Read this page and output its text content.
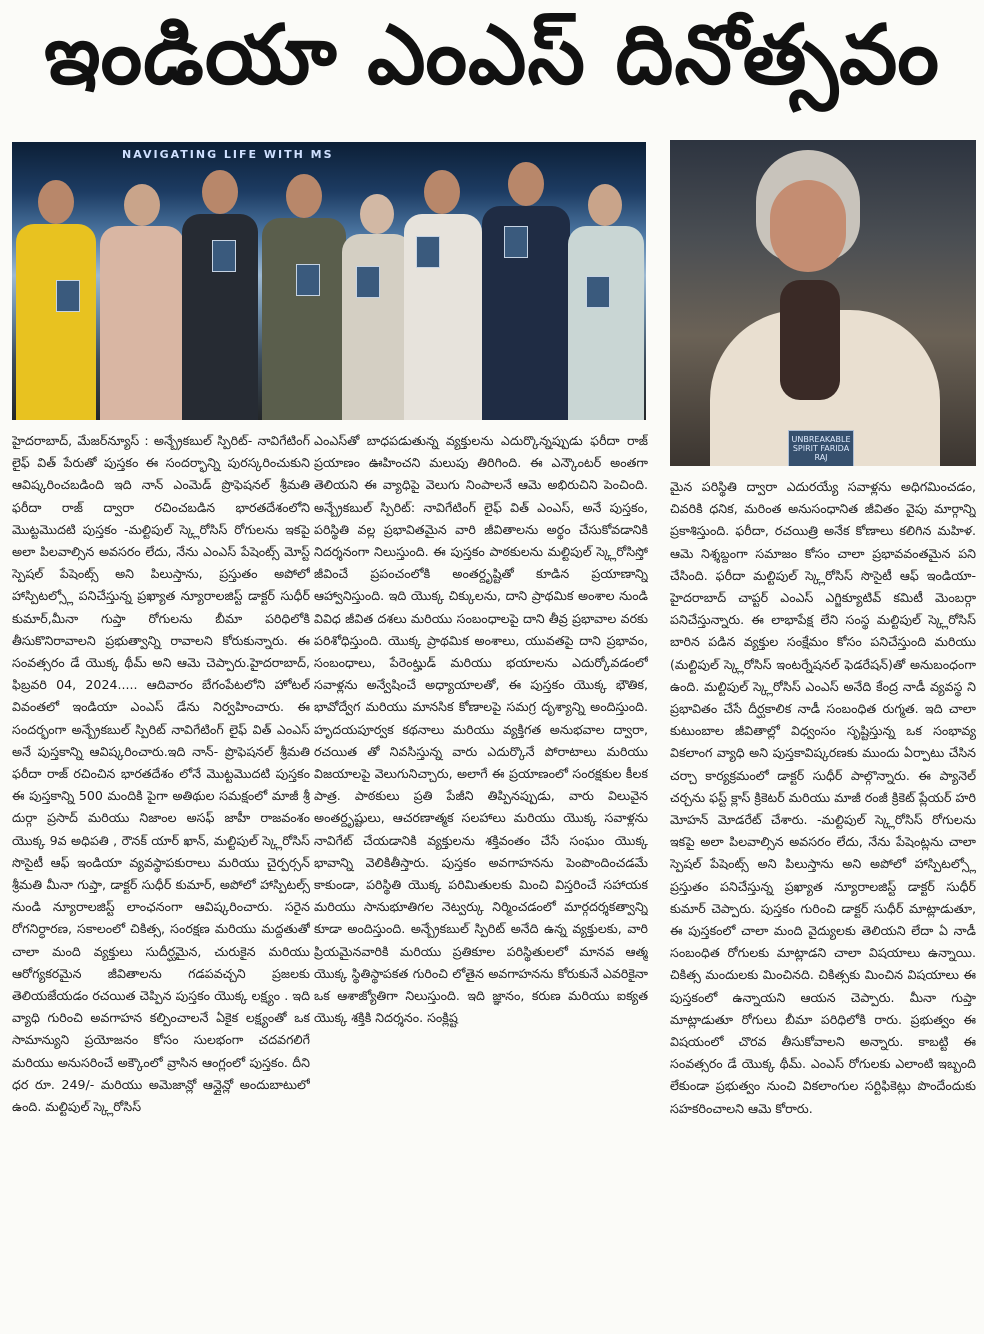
ఇండియా ఎంఎస్ దినోత్సవం
NAVIGATING LIFE WITH MS
UNBREAKABLE SPIRIT FARIDA RAJ

హైదరాబాద్, మేజర్‌న్యూస్ : అన్బ్రేకబుల్ స్పిరిట్- నావిగేటింగ్ లైఫ్ విత్ పేరుతో పుస్తకం ఈ సందర్భాన్ని పురస్కరించుకుని ఆవిష్కరించబడింది ఇది నాన్ ఎంమెడ్ ప్రొఫెషనల్ శ్రీమతి ఫరీదా రాజ్ ద్వారా రచించబడిన భారతదేశంలోని మొట్టమొదటి పుస్తకం -మల్టిపుల్ స్క్లెరోసిస్ రోగులను ఇకపై అలా పిలవాల్సిన అవసరం లేదు, నేను ఎంఎస్ పేషెంట్స్ మోస్ట్ స్పెషల్ పేషెంట్స్ అని పిలుస్తాను, ప్రస్తుతం అపోలో హాస్పిటల్స్లో పనిచేస్తున్న ప్రఖ్యాత న్యూరాలజిస్ట్ డాక్టర్ సుధీర్ కుమార్,మీనా గుప్తా రోగులను బీమా పరిధిలోకి తీసుకొనిరావాలని ప్రభుత్వాన్ని రావాలని కోరుకున్నారు. ఈ సంవత్సరం డే యొక్క థీమ్ అని ఆమె చెప్పారు.హైదరాబాద్, ఫిబ్రవరి 04, 2024..... ఆదివారం బేగంపేటలోని హోటల్ వివంతలో ఇండియా ఎంఎస్ డేను నిర్వహించారు. ఈ సందర్భంగా అన్బ్రేకబుల్ స్పిరిట్ నావిగేటింగ్ లైఫ్ విత్ ఎంఎస్ అనే పుస్తకాన్ని ఆవిష్కరించారు.ఇది నాన్- ప్రొఫెషనల్ శ్రీమతి ఫరీదా రాజ్ రచించిన భారతదేశం లోనే మొట్టమొదటి పుస్తకం ఈ పుస్తకాన్ని 500 మందికి పైగా అతిథుల సమక్షంలో మాజీ శ్రీ దుర్గా ప్రసాద్ మరియు నిజాంల అసఫ్ జాహీ రాజవంశం యొక్క 9వ అధిపతి , రౌనక్ యార్ ఖాన్, మల్టిపుల్ స్క్లెరోసిస్ సొసైటీ ఆఫ్ ఇండియా వ్యవస్థాపకురాలు మరియు చైర్పర్సన్ శ్రీమతి మీనా గుప్తా, డాక్టర్ సుధీర్ కుమార్, అపోలో హాస్పిటల్స్ నుండి న్యూరాలజిస్ట్ లాంఛనంగా ఆవిష్కరించారు. సరైన రోగనిర్ధారణ, సకాలంలో చికిత్స, సంరక్షణ మరియు మద్దతుతో చాలా మంది వ్యక్తులు సుదీర్ఘమైన, చురుకైన మరియు ఆరోగ్యకరమైన జీవితాలను గడపవచ్చని ప్రజలకు తెలియజేయడం రచయిత చెప్పిన పుస్తకం యొక్క లక్ష్యం . ఇది వ్యాధి గురించి అవగాహన కల్పించాలనే ఏకైక లక్ష్యంతో ఒక సామాన్యుని ప్రయోజనం కోసం సులభంగా చదవగలిగే మరియు అనుసరించే అక్కౌంలో వ్రాసిన ఆంగ్లంలో పుస్తకం. దీని ధర రూ. 249/- మరియు అమెజాన్లో ఆన్లైన్లో అందుబాటులో ఉంది. మల్టిపుల్ స్క్లెరోసిస్

ఎంఎస్‌తో బాధపడుతున్న వ్యక్తులను ఎదుర్కొన్నప్పుడు ఫరీదా రాజ్ ప్రయాణం ఊహించని మలుపు తిరిగింది. ఈ ఎన్కౌంటర్ అంతగా తెలియని ఈ వ్యాధిపై వెలుగు నింపాలనే ఆమె అభిరుచిని పెంచింది. అన్బ్రేకబుల్ స్పిరిట్: నావిగేటింగ్ లైఫ్ విత్ ఎంఎస్, అనే పుస్తకం, పరిస్థితి వల్ల ప్రభావితమైన వారి జీవితాలను అర్థం చేసుకోవడానికి నిదర్శనంగా నిలుస్తుంది. ఈ పుస్తకం పాఠకులను మల్టిపుల్ స్క్లెరోసిస్తో జీవించే ప్రపంచంలోకి అంతర్దృష్టితో కూడిన ప్రయాణాన్ని ఆహ్వానిస్తుంది. ఇది యొక్క చిక్కులను, దాని ప్రాథమిక అంశాల నుండి వివిధ జీవిత దశలు మరియు సంబంధాలపై దాని తీవ్ర ప్రభావాల వరకు పరిశోధిస్తుంది. యొక్క ప్రాథమిక అంశాలు, యువతపై దాని ప్రభావం, సంబంధాలు, పేరెంట్హుడ్ మరియు భయాలను ఎదుర్కోవడంలో సవాళ్లను అన్వేషించే అధ్యాయాలతో, ఈ పుస్తకం యొక్క భౌతిక, భావోద్వేగ మరియు మానసిక కోణాలపై సమగ్ర దృశ్యాన్ని అందిస్తుంది. హృదయపూర్వక కథనాలు మరియు వ్యక్తిగత అనుభవాల ద్వారా, రచయిత తో నివసిస్తున్న వారు ఎదుర్కొనే పోరాటాలు మరియు విజయాలపై వెలుగునిచ్చారు, అలాగే ఈ ప్రయాణంలో సంరక్షకుల కీలక పాత్ర. పాఠకులు ప్రతి పేజీని తిప్పినప్పుడు, వారు విలువైన అంతర్దృష్టులు, ఆచరణాత్మక సలహాలు మరియు యొక్క సవాళ్లను నావిగేట్ చేయడానికి వ్యక్తులను శక్తివంతం చేసే సంఘం యొక్క భావాన్ని వెలికితీస్తారు. పుస్తకం అవగాహనను పెంపొందించడమే కాకుండా, పరిస్థితి యొక్క పరిమితులకు మించి విస్తరించే సహాయక మరియు సానుభూతిగల నెట్వర్కు నిర్మించడంలో మార్గదర్శకత్వాన్ని కూడా అందిస్తుంది. అన్బ్రేకబుల్ స్పిరిట్ అనేది ఉన్న వ్యక్తులకు, వారి ప్రియమైనవారికి మరియు ప్రతికూల పరిస్థితులలో మానవ ఆత్మ యొక్క స్థితిస్థాపకత గురించి లోతైన అవగాహనను కోరుకునే ఎవరికైనా ఒక ఆశాజ్యోతిగా నిలుస్తుంది. ఇది జ్ఞానం, కరుణ మరియు ఐక్యత యొక్క శక్తికి నిదర్శనం. సంక్లిష్ట

మైన పరిస్థితి ద్వారా ఎదురయ్యే సవాళ్లను అధిగమించడం, చివరికి ధనిక, మరింత అనుసంధానిత జీవితం వైపు మార్గాన్ని ప్రకాశిస్తుంది. ఫరీదా, రచయిత్రి అనేక కోణాలు కలిగిన మహిళ. ఆమె నిశ్శబ్దంగా సమాజం కోసం చాలా ప్రభావవంతమైన పని చేసింది. ఫరీదా మల్టిపుల్ స్క్లెరోసిస్ సొసైటీ ఆఫ్ ఇండియా-హైదరాబాద్ చాప్టర్ ఎంఎస్ ఎగ్జిక్యూటివ్ కమిటీ మెంబర్గా పనిచేస్తున్నారు. ఈ లాభాపేక్ష లేని సంస్థ మల్టిపుల్ స్క్లెరోసిస్ బారిన పడిన వ్యక్తుల సంక్షేమం కోసం పనిచేస్తుంది మరియు (మల్టిపుల్ స్క్లెరోసిస్ ఇంటర్నేషనల్ ఫెడరేషన్)తో అనుబంధంగా ఉంది. మల్టిపుల్ స్క్లెరోసిస్ ఎంఎస్ అనేది కేంద్ర నాడీ వ్యవస్థ ని ప్రభావితం చేసే దీర్ఘకాలిక నాడీ సంబంధిత రుగ్మత. ఇది చాలా కుటుంబాల జీవితాల్లో విధ్వంసం సృష్టిస్తున్న ఒక సంభావ్య వికలాంగ వ్యాధి అని పుస్తకావిష్కరణకు ముందు ఏర్పాటు చేసిన చర్చా కార్యక్రమంలో డాక్టర్ సుధీర్ పాల్గొన్నారు. ఈ ప్యానెల్ చర్చను ఫస్ట్ క్లాస్ క్రికెటర్ మరియు మాజీ రంజీ క్రికెట్ ప్లేయర్ హరి మోహన్ మోడరేట్ చేశారు. -మల్టిపుల్ స్క్లెరోసిస్ రోగులను ఇకపై అలా పిలవాల్సిన అవసరం లేదు, నేను పేషెంట్లను చాలా స్పెషల్ పేషెంట్స్ అని పిలుస్తాను అని అపోలో హాస్పిటల్స్లో ప్రస్తుతం పనిచేస్తున్న ప్రఖ్యాత న్యూరాలజిస్ట్ డాక్టర్ సుధీర్ కుమార్ చెప్పారు. పుస్తకం గురించి డాక్టర్ సుధీర్ మాట్లాడుతూ, ఈ పుస్తకంలో చాలా మంది వైద్యులకు తెలియని లేదా ఏ నాడీ సంబంధిత రోగులకు మాట్లాడని చాలా విషయాలు ఉన్నాయి. చికిత్స మందులకు మించినది. చికిత్సకు మించిన విషయాలు ఈ పుస్తకంలో ఉన్నాయని ఆయన చెప్పారు. మీనా గుప్తా మాట్లాడుతూ రోగులు బీమా పరిధిలోకి రారు. ప్రభుత్వం ఈ విషయంలో చొరవ తీసుకోవాలని అన్నారు. కాబట్టి ఈ సంవత్సరం డే యొక్క థీమ్. ఎంఎస్ రోగులకు ఎలాంటి ఇబ్బంది లేకుండా ప్రభుత్వం నుంచి వికలాంగుల సర్టిఫికెట్లు పొందేందుకు సహకరించాలని ఆమె కోరారు.
